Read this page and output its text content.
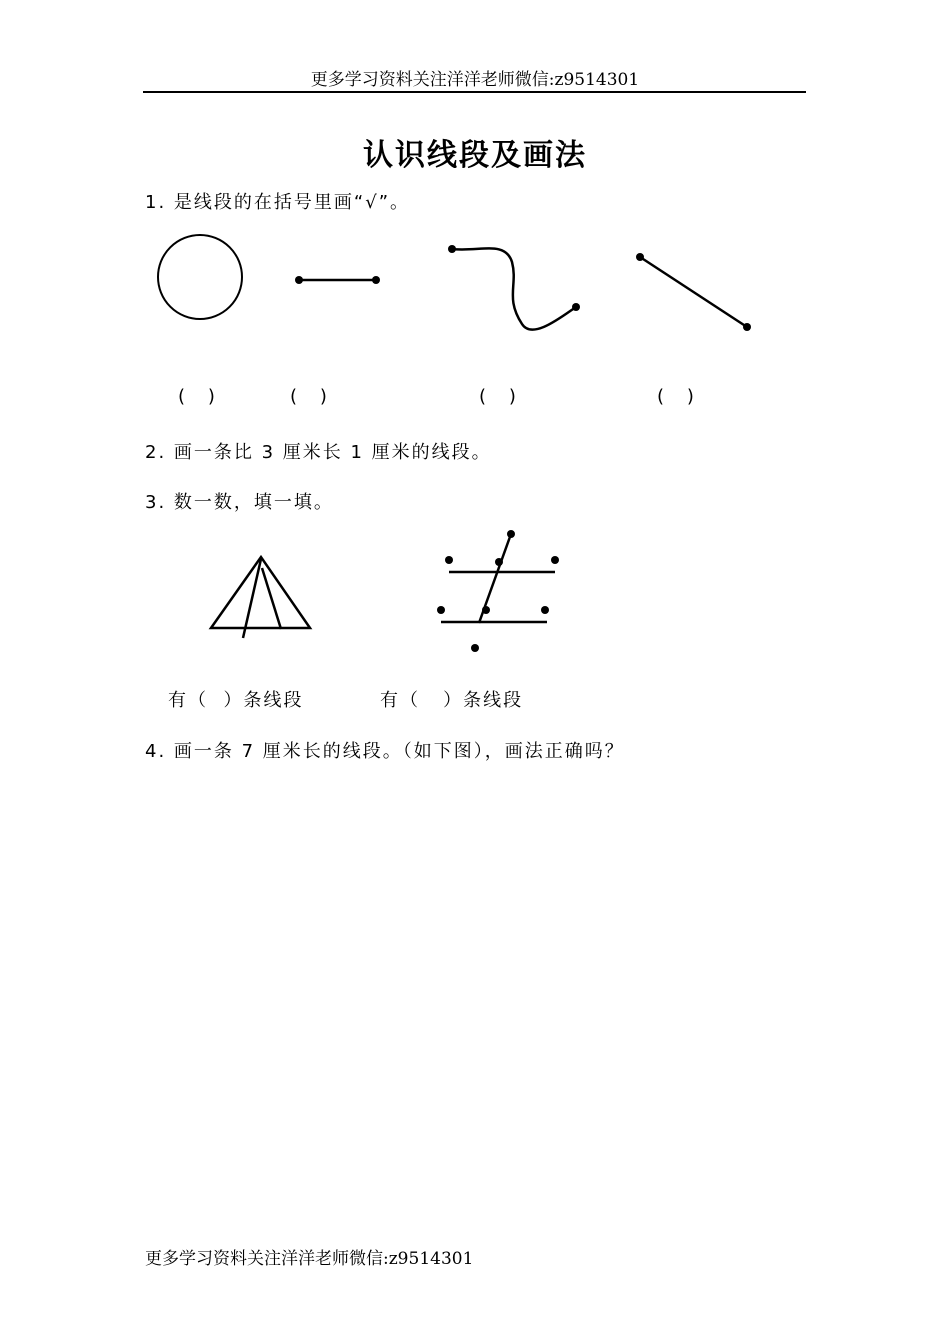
更多学习资料关注洋洋老师微信:z9514301
认识线段及画法
1. 是线段的在括号里画“√”。
(    )	(    )	(    )	(    )
2. 画一条比 3 厘米长 1 厘米的线段。
3. 数一数，填一填。
有（  ）条线段	有（   ）条线段
4. 画一条 7 厘米长的线段。（如下图），画法正确吗？
更多学习资料关注洋洋老师微信:z9514301
